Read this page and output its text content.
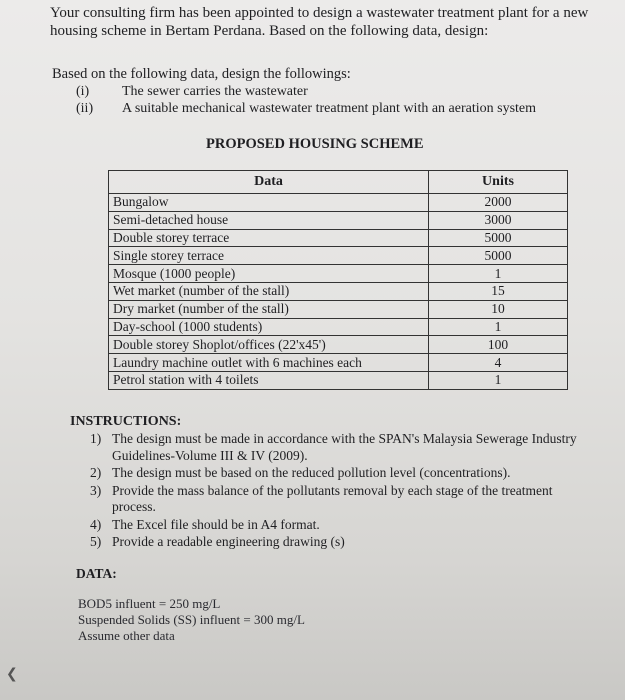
Your consulting firm has been appointed to design a wastewater treatment plant for a new housing scheme in Bertam Perdana. Based on the following data, design:
Based on the following data, design the followings:
(i) The sewer carries the wastewater
(ii) A suitable mechanical wastewater treatment plant with an aeration system
PROPOSED HOUSING SCHEME
Data	Units
Bungalow	2000
Semi-detached house	3000
Double storey terrace	5000
Single storey terrace	5000
Mosque (1000 people)	1
Wet market (number of the stall)	15
Dry market (number of the stall)	10
Day-school (1000 students)	1
Double storey Shoplot/offices (22'x45')	100
Laundry machine outlet with 6 machines each	4
Petrol station with 4 toilets	1
INSTRUCTIONS:
1) The design must be made in accordance with the SPAN's Malaysia Sewerage Industry Guidelines-Volume III & IV (2009).
2) The design must be based on the reduced pollution level (concentrations).
3) Provide the mass balance of the pollutants removal by each stage of the treatment process.
4) The Excel file should be in A4 format.
5) Provide a readable engineering drawing (s)
DATA:
BOD5 influent = 250 mg/L
Suspended Solids (SS) influent = 300 mg/L
Assume other data
❮
